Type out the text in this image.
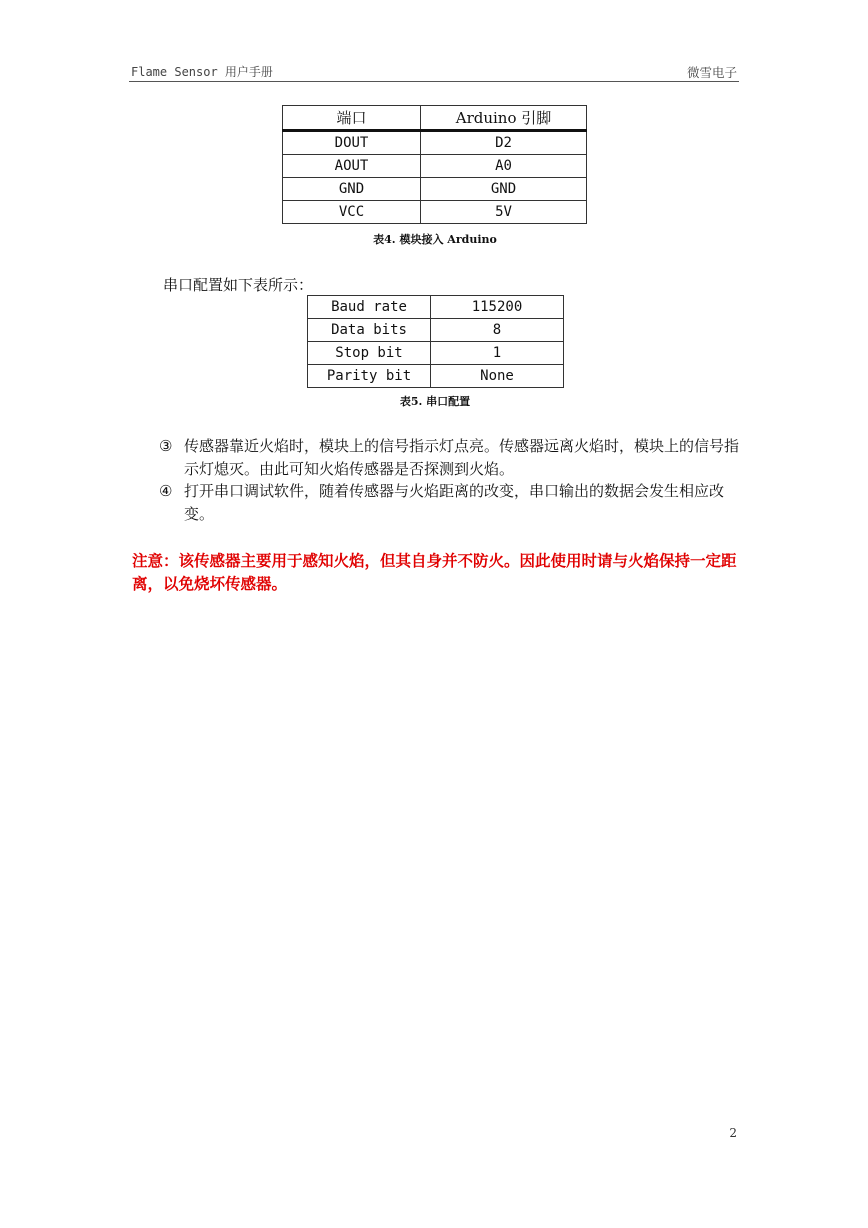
Flame Sensor 用户手册	微雪电子
端口	Arduino 引脚
DOUT	D2
AOUT	A0
GND	GND
VCC	5V
表4. 模块接入 Arduino
串口配置如下表所示：
Baud rate	115200
Data bits	8
Stop bit	1
Parity bit	None
表5. 串口配置
③ 传感器靠近火焰时，模块上的信号指示灯点亮。传感器远离火焰时，模块上的信号指示灯熄灭。由此可知火焰传感器是否探测到火焰。
④ 打开串口调试软件，随着传感器与火焰距离的改变，串口输出的数据会发生相应改变。
注意：该传感器主要用于感知火焰，但其自身并不防火。因此使用时请与火焰保持一定距离，以免烧坏传感器。
2
